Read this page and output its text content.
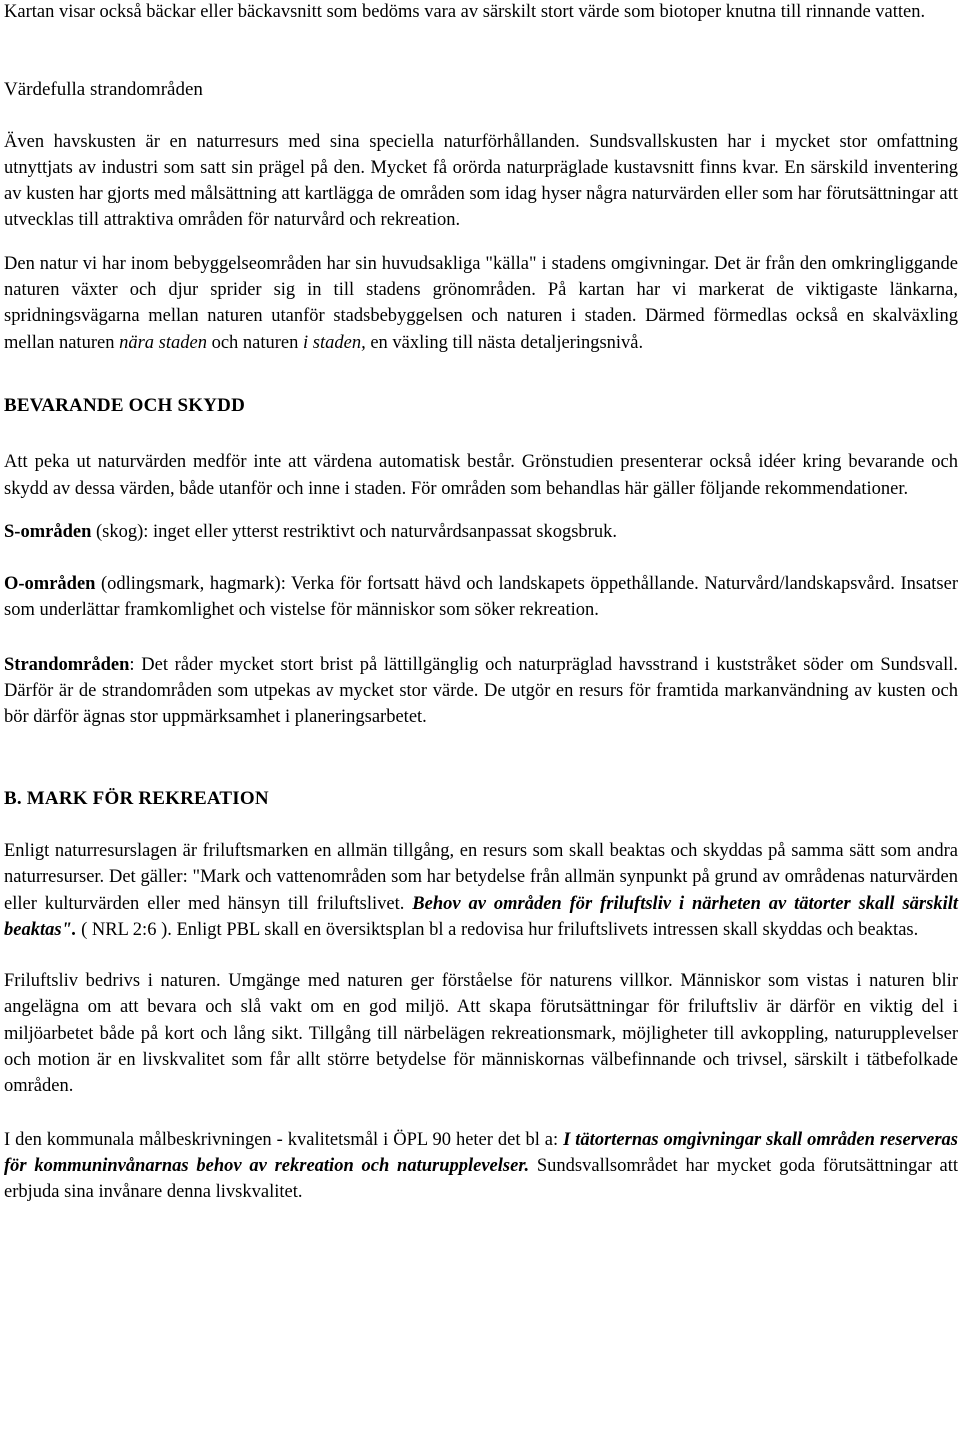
Kartan visar också bäckar eller bäckavsnitt som bedöms vara av särskilt stort värde som biotoper knutna till rinnande vatten.

Värdefulla strandområden

Även havskusten är en naturresurs med sina speciella naturförhållanden. Sundsvallskusten har i mycket stor omfattning utnyttjats av industri som satt sin prägel på den. Mycket få orörda naturpräglade kustavsnitt finns kvar. En särskild inventering av kusten har gjorts med målsättning att kartlägga de områden som idag hyser några naturvärden eller som har förutsättningar att utvecklas till attraktiva områden för naturvård och rekreation.

Den natur vi har inom bebyggelseområden har sin huvudsakliga "källa" i stadens omgivningar. Det är från den omkringliggande naturen växter och djur sprider sig in till stadens grönområden. På kartan har vi markerat de viktigaste länkarna, spridningsvägarna mellan naturen utanför stadsbebyggelsen och naturen i staden. Därmed förmedlas också en skalväxling mellan naturen nära staden och naturen i staden, en växling till nästa detaljeringsnivå.

BEVARANDE OCH SKYDD

Att peka ut naturvärden medför inte att värdena automatisk består. Grönstudien presenterar också idéer kring bevarande och skydd av dessa värden, både utanför och inne i staden. För områden som behandlas här gäller följande rekommendationer.

S-områden (skog): inget eller ytterst restriktivt och naturvårdsanpassat skogsbruk.

O-områden (odlingsmark, hagmark): Verka för fortsatt hävd och landskapets öppethållande. Naturvård/landskapsvård. Insatser som underlättar framkomlighet och vistelse för människor som söker rekreation.

Strandområden: Det råder mycket stort brist på lättillgänglig och naturpräglad havsstrand i kuststråket söder om Sundsvall. Därför är de strandområden som utpekas av mycket stor värde. De utgör en resurs för framtida markanvändning av kusten och bör därför ägnas stor uppmärksamhet i planeringsarbetet.

B. MARK FÖR REKREATION

Enligt naturresurslagen är friluftsmarken en allmän tillgång, en resurs som skall beaktas och skyddas på samma sätt som andra naturresurser. Det gäller: "Mark och vattenområden som har betydelse från allmän synpunkt på grund av områdenas naturvärden eller kulturvärden eller med hänsyn till friluftslivet. Behov av områden för friluftsliv i närheten av tätorter skall särskilt beaktas". ( NRL 2:6 ). Enligt PBL skall en översiktsplan bl a redovisa hur friluftslivets intressen skall skyddas och beaktas.

Friluftsliv bedrivs i naturen. Umgänge med naturen ger förståelse för naturens villkor. Människor som vistas i naturen blir angelägna om att bevara och slå vakt om en god miljö. Att skapa förutsättningar för friluftsliv är därför en viktig del i miljöarbetet både på kort och lång sikt. Tillgång till närbelägen rekreationsmark, möjligheter till avkoppling, naturupplevelser och motion är en livskvalitet som får allt större betydelse för människornas välbefinnande och trivsel, särskilt i tätbefolkade områden.

I den kommunala målbeskrivningen - kvalitetsmål i ÖPL 90 heter det bl a: I tätorternas omgivningar skall områden reserveras för kommuninvånarnas behov av rekreation och naturupplevelser. Sundsvallsområdet har mycket goda förutsättningar att erbjuda sina invånare denna livskvalitet.
